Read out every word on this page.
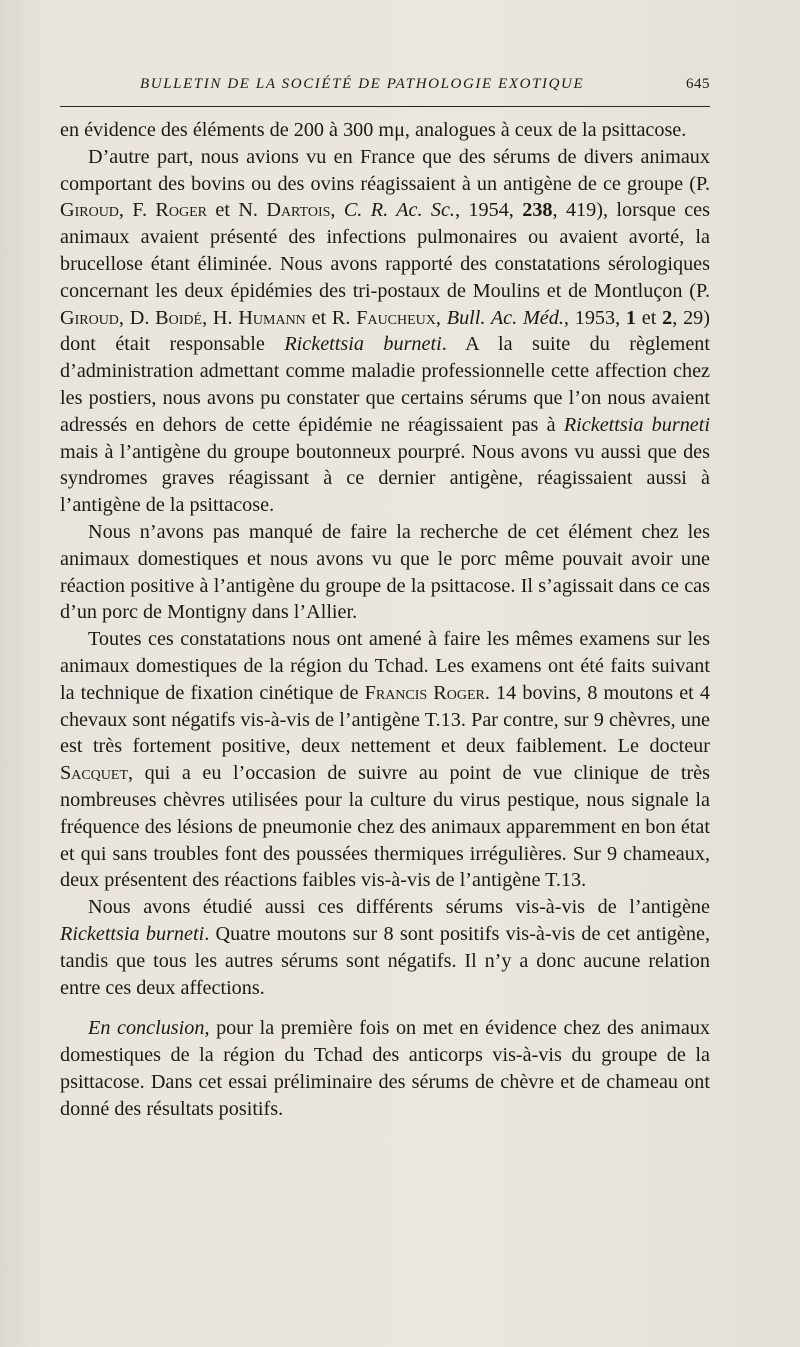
BULLETIN DE LA SOCIÉTÉ DE PATHOLOGIE EXOTIQUE	645

en évidence des éléments de 200 à 300 mμ, analogues à ceux de la psittacose.

D’autre part, nous avions vu en France que des sérums de divers animaux comportant des bovins ou des ovins réagissaient à un antigène de ce groupe (P. Giroud, F. Roger et N. Dartois, C. R. Ac. Sc., 1954, 238, 419), lorsque ces animaux avaient présenté des infections pulmonaires ou avaient avorté, la brucellose étant éliminée. Nous avons rapporté des constatations sérologiques concernant les deux épidémies des tri-postaux de Moulins et de Montluçon (P. Giroud, D. Boidé, H. Humann et R. Faucheux, Bull. Ac. Méd., 1953, 1 et 2, 29) dont était responsable Rickettsia burneti. A la suite du règlement d’administration admettant comme maladie professionnelle cette affection chez les postiers, nous avons pu constater que certains sérums que l’on nous avaient adressés en dehors de cette épidémie ne réagissaient pas à Rickettsia burneti mais à l’antigène du groupe boutonneux pourpré. Nous avons vu aussi que des syndromes graves réagissant à ce dernier antigène, réagissaient aussi à l’antigène de la psittacose.

Nous n’avons pas manqué de faire la recherche de cet élément chez les animaux domestiques et nous avons vu que le porc même pouvait avoir une réaction positive à l’antigène du groupe de la psittacose. Il s’agissait dans ce cas d’un porc de Montigny dans l’Allier.

Toutes ces constatations nous ont amené à faire les mêmes examens sur les animaux domestiques de la région du Tchad. Les examens ont été faits suivant la technique de fixation cinétique de Francis Roger. 14 bovins, 8 moutons et 4 chevaux sont négatifs vis-à-vis de l’antigène T.13. Par contre, sur 9 chèvres, une est très fortement positive, deux nettement et deux faiblement. Le docteur Sacquet, qui a eu l’occasion de suivre au point de vue clinique de très nombreuses chèvres utilisées pour la culture du virus pestique, nous signale la fréquence des lésions de pneumonie chez des animaux apparemment en bon état et qui sans troubles font des poussées thermiques irrégulières. Sur 9 chameaux, deux présentent des réactions faibles vis-à-vis de l’antigène T.13.

Nous avons étudié aussi ces différents sérums vis-à-vis de l’antigène Rickettsia burneti. Quatre moutons sur 8 sont positifs vis-à-vis de cet antigène, tandis que tous les autres sérums sont négatifs. Il n’y a donc aucune relation entre ces deux affections.

En conclusion, pour la première fois on met en évidence chez des animaux domestiques de la région du Tchad des anticorps vis-à-vis du groupe de la psittacose. Dans cet essai préliminaire des sérums de chèvre et de chameau ont donné des résultats positifs.
